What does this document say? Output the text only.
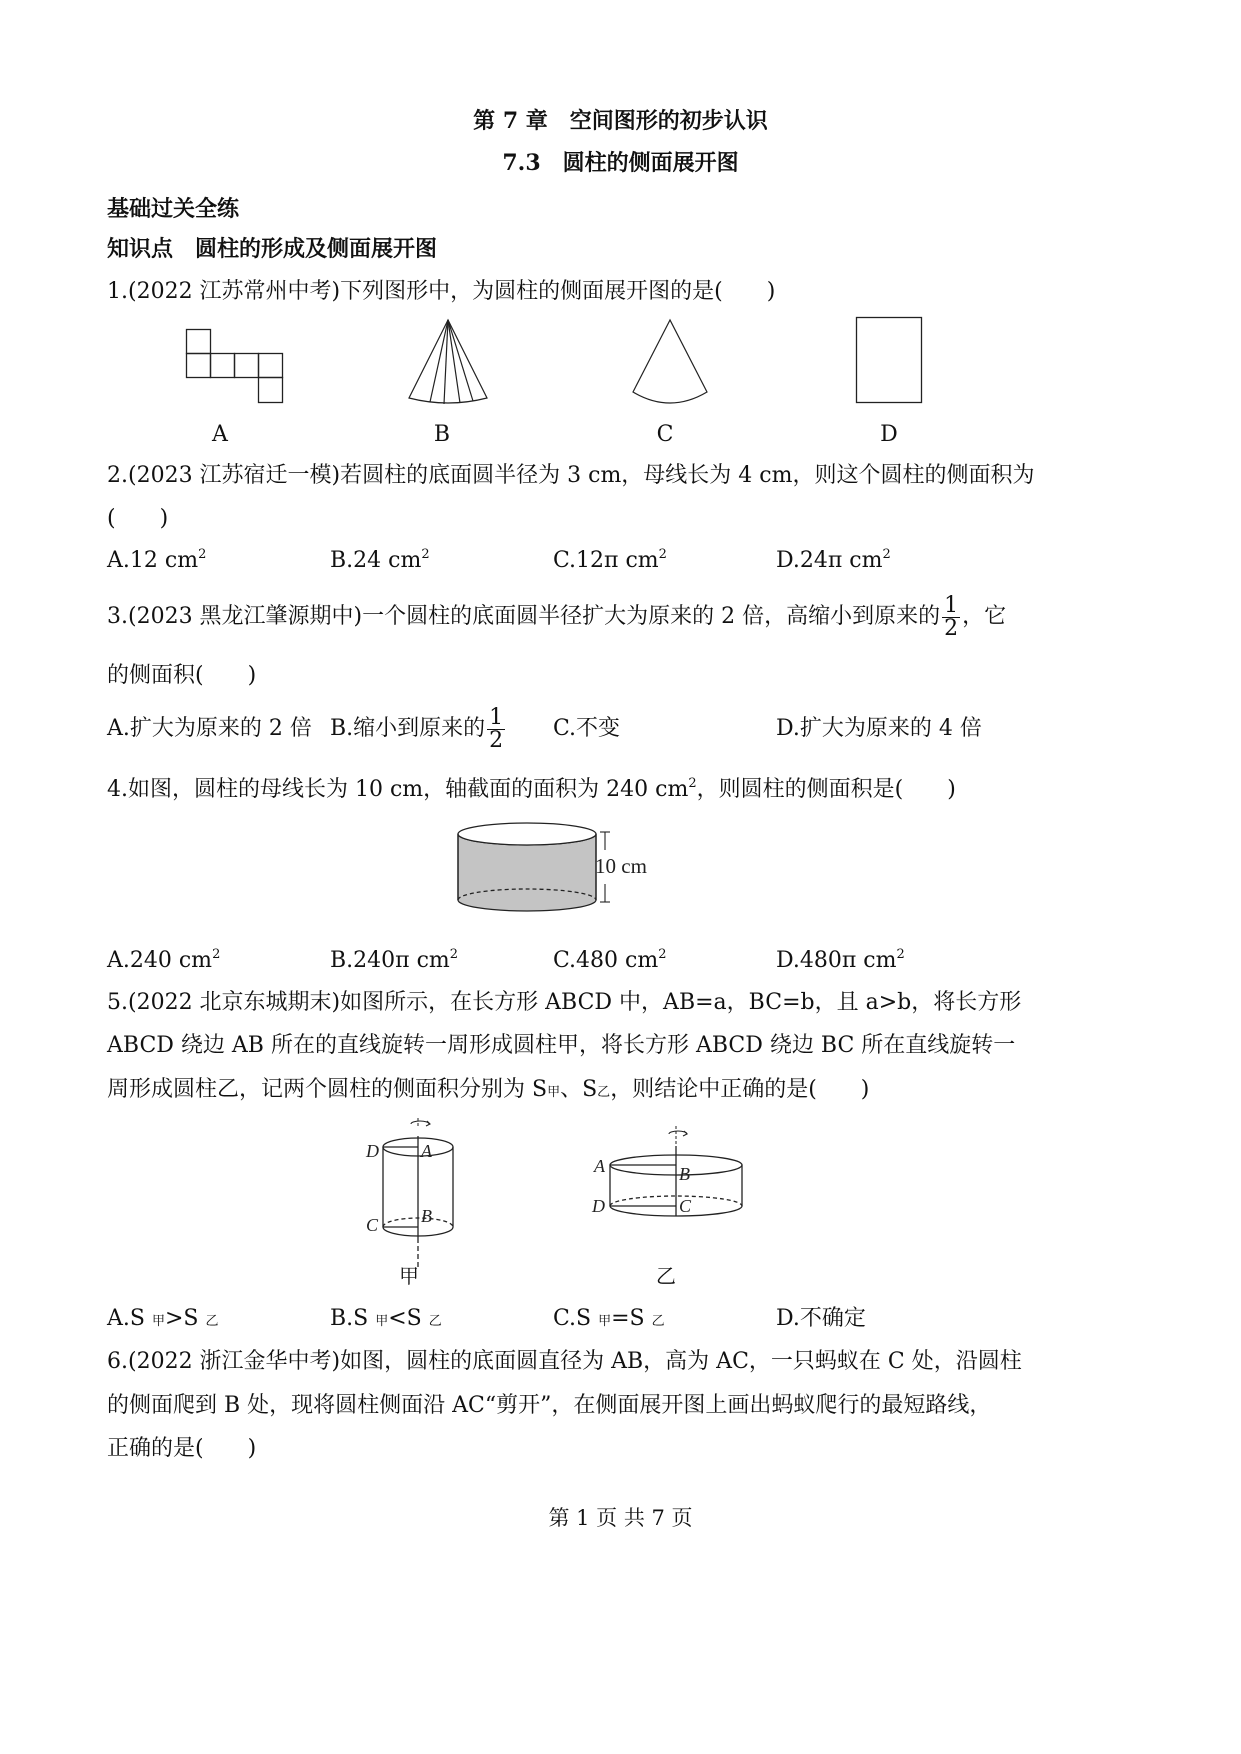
第 7 章　空间图形的初步认识
7.3　圆柱的侧面展开图
基础过关全练
知识点　圆柱的形成及侧面展开图
1.(2022 江苏常州中考)下列图形中，为圆柱的侧面展开图的是(　　)
A	B	C	D
2.(2023 江苏宿迁一模)若圆柱的底面圆半径为 3 cm，母线长为 4 cm，则这个圆柱的侧面积为
(　　)
A.12 $cm^2$	B.24 $cm^2$	C.12π $cm^2$	D.24π $cm^2$
3.(2023 黑龙江肇源期中)一个圆柱的底面圆半径扩大为原来的 2 倍，高缩小到原来的 $\frac{1}{2}$ ，它
的侧面积(　　)
A.扩大为原来的 2 倍 B.缩小到原来的 $\frac{1}{2} C$.不变	D.扩大为原来的 4 倍
4.如图，圆柱的母线长为 10 cm，轴截面的面积为 240 $cm^2$，则圆柱的侧面积是(　　)
10 cm
A.240 $cm^2$	B.240π $cm^2$	C.480 $cm^2$	D.480π $cm^2$
5.(2022 北京东城期末)如图所示，在长方形 ABCD 中，AB=a，BC=b，且 a>b，将长方形
ABCD 绕边 AB 所在的直线旋转一周形成圆柱甲，将长方形 ABCD 绕边 BC 所在直线旋转一
周形成圆柱乙，记两个圆柱的侧面积分别为 S甲、S乙，则结论中正确的是(　　)
D A
C B
甲
A	B
D	C
乙
A.S 甲>S 乙	B.S 甲<S 乙	C.S 甲=S 乙	D.不确定
6.(2022 浙江金华中考)如图，圆柱的底面圆直径为 AB，高为 AC，一只蚂蚁在 C 处，沿圆柱
的侧面爬到 B 处，现将圆柱侧面沿 AC“剪开”，在侧面展开图上画出蚂蚁爬行的最短路线，
正确的是(　　)
第 1 页 共 7 页
